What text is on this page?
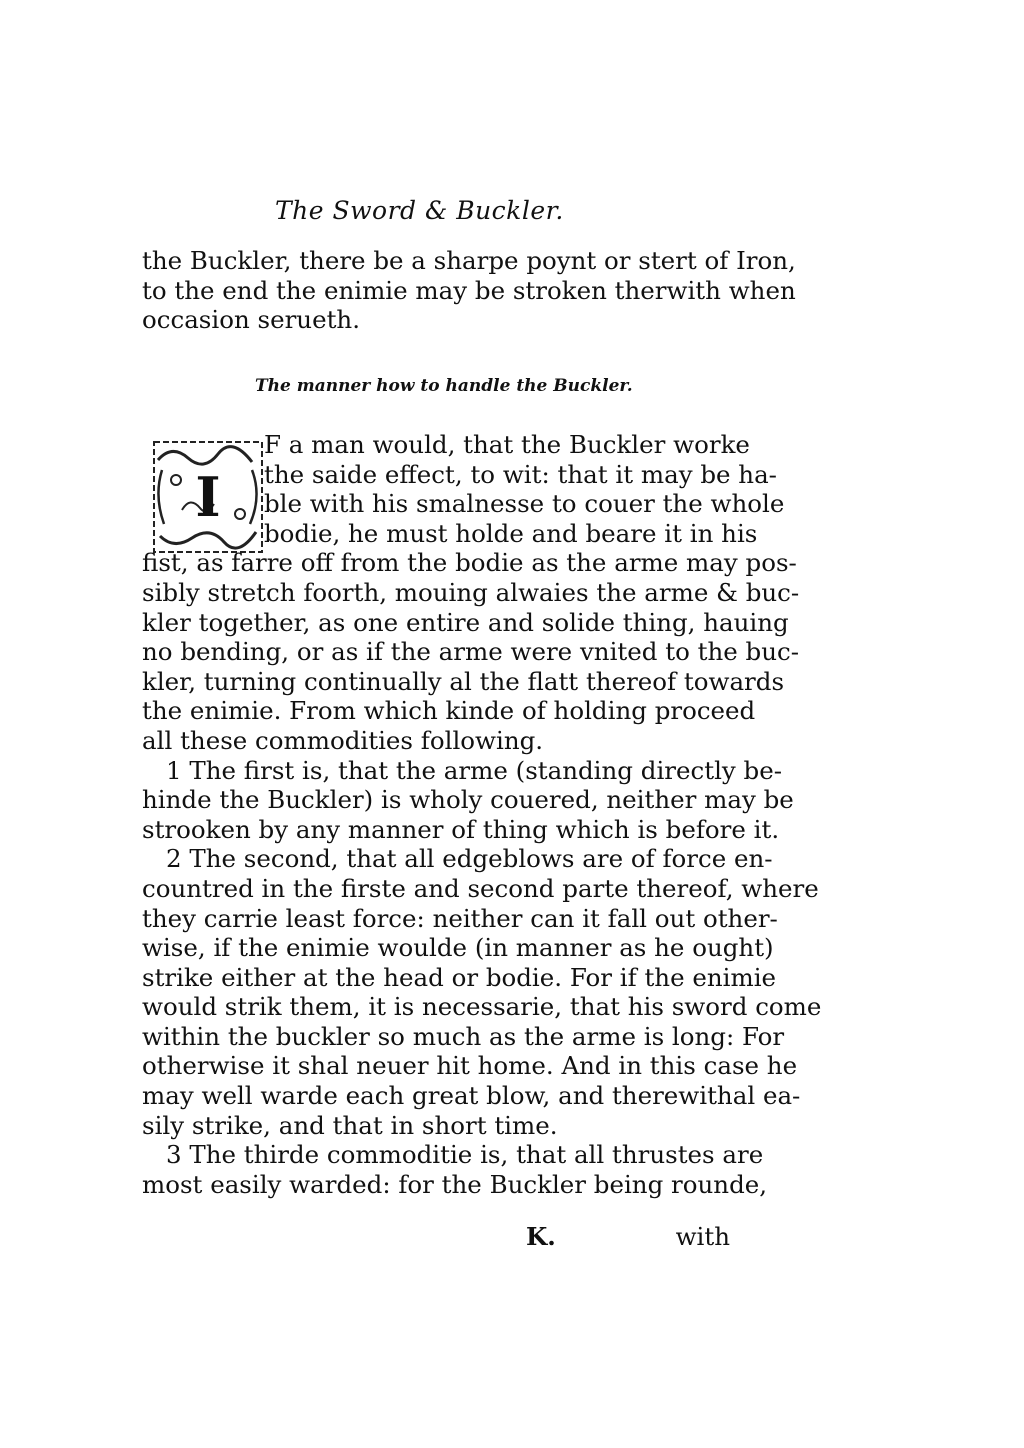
The Sword & Buckler.
the Buckler, there be a sharpe poynt or stert of Iron,
to the end the enimie may be stroken therwith when
occasion serueth.
The manner how to handle the Buckler.
I
F a man would, that the Buckler worke
the saide effect, to wit: that it may be ha-
ble with his smalnesse to couer the whole
bodie, he must holde and beare it in his
fist, as farre off from the bodie as the arme may pos-
sibly stretch foorth, mouing alwaies the arme & buc-
kler together, as one entire and solide thing, hauing
no bending, or as if the arme were vnited to the buc-
kler, turning continually al the flatt thereof towards
the enimie. From which kinde of holding proceed
all these commodities following.
1 The first is, that the arme (standing directly be-
hinde the Buckler) is wholy couered, neither may be
strooken by any manner of thing which is before it.
2 The second, that all edgeblows are of force en-
countred in the firste and second parte thereof, where
they carrie least force: neither can it fall out other-
wise, if the enimie woulde (in manner as he ought)
strike either at the head or bodie. For if the enimie
would strik them, it is necessarie, that his sword come
within the buckler so much as the arme is long: For
otherwise it shal neuer hit home. And in this case he
may well warde each great blow, and therewithal ea-
sily strike, and that in short time.
3 The thirde commoditie is, that all thrustes are
most easily warded: for the Buckler being rounde,
K.	with
